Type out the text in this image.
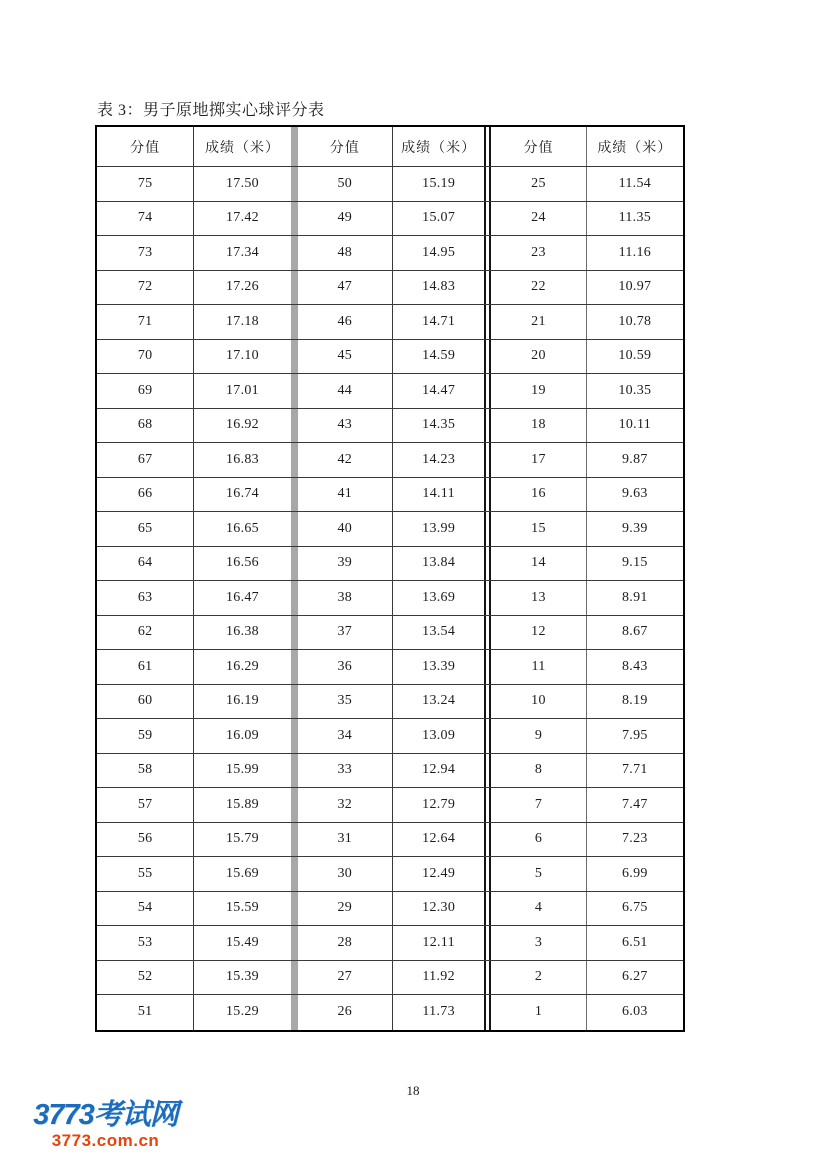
表 3：男子原地掷实心球评分表
分值	成绩（米）	分值	成绩（米）	分值	成绩（米）
75	17.50	50	15.19	25	11.54
74	17.42	49	15.07	24	11.35
73	17.34	48	14.95	23	11.16
72	17.26	47	14.83	22	10.97
71	17.18	46	14.71	21	10.78
70	17.10	45	14.59	20	10.59
69	17.01	44	14.47	19	10.35
68	16.92	43	14.35	18	10.11
67	16.83	42	14.23	17	9.87
66	16.74	41	14.11	16	9.63
65	16.65	40	13.99	15	9.39
64	16.56	39	13.84	14	9.15
63	16.47	38	13.69	13	8.91
62	16.38	37	13.54	12	8.67
61	16.29	36	13.39	11	8.43
60	16.19	35	13.24	10	8.19
59	16.09	34	13.09	9	7.95
58	15.99	33	12.94	8	7.71
57	15.89	32	12.79	7	7.47
56	15.79	31	12.64	6	7.23
55	15.69	30	12.49	5	6.99
54	15.59	29	12.30	4	6.75
53	15.49	28	12.11	3	6.51
52	15.39	27	11.92	2	6.27
51	15.29	26	11.73	1	6.03
18
3773考试网
3773.com.cn
